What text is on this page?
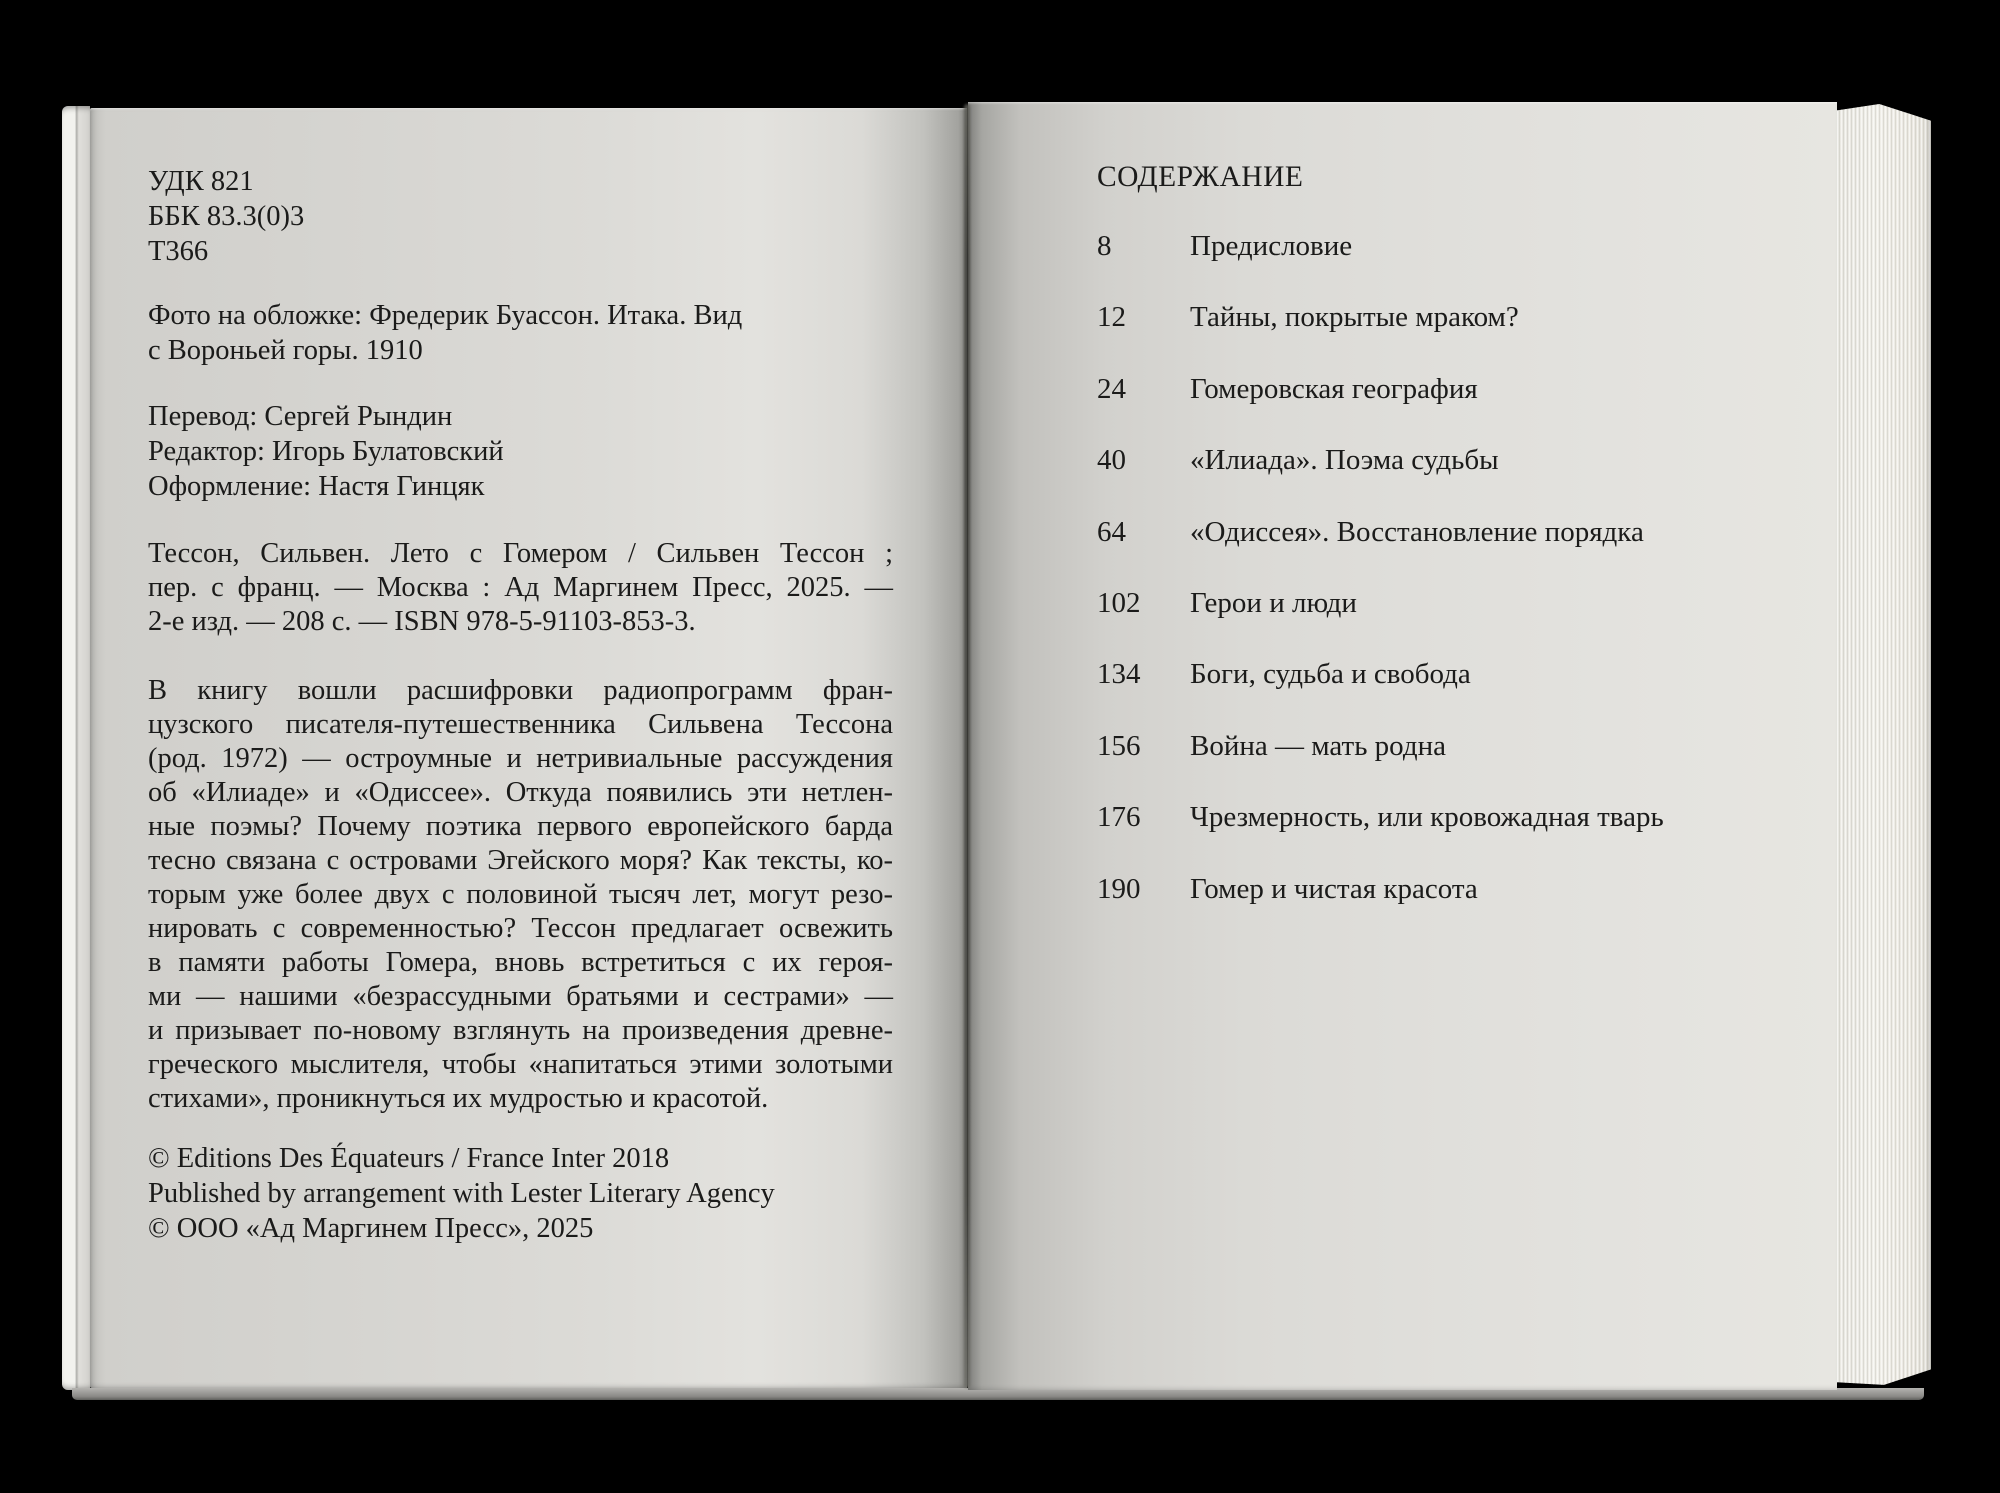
УДК 821
ББК 83.3(0)3
Т366
Фото на обложке: Фредерик Буассон. Итака. Вид
с Вороньей горы. 1910
Перевод: Сергей Рындин
Редактор: Игорь Булатовский
Оформление: Настя Гинцяк
Тессон, Сильвен. Лето с Гомером / Сильвен Тессон ;
пер. с франц. — Москва : Ад Маргинем Пресс, 2025. —
2-е изд. — 208 с. — ISBN 978-5-91103-853-3.
В книгу вошли расшифровки радиопрограмм фран-
цузского писателя-путешественника Сильвена Тессона
(род. 1972) — остроумные и нетривиальные рассуждения
об «Илиаде» и «Одиссее». Откуда появились эти нетлен-
ные поэмы? Почему поэтика первого европейского барда
тесно связана с островами Эгейского моря? Как тексты, ко-
торым уже более двух с половиной тысяч лет, могут резо-
нировать с современностью? Тессон предлагает освежить
в памяти работы Гомера, вновь встретиться с их героя-
ми — нашими «безрассудными братьями и сестрами» —
и призывает по-новому взглянуть на произведения древне-
греческого мыслителя, чтобы «напитаться этими золотыми
стихами», проникнуться их мудростью и красотой.
© Editions Des Équateurs / France Inter 2018
Published by arrangement with Lester Literary Agency
© ООО «Ад Маргинем Пресс», 2025
СОДЕРЖАНИЕ
8	Предисловие
12 Тайны, покрытые мраком?
24 Гомеровская география
40 «Илиада». Поэма судьбы
64 «Одиссея». Восстановление порядка
102 Герои и люди
134 Боги, судьба и свобода
156 Война — мать родна
176 Чрезмерность, или кровожадная тварь
190 Гомер и чистая красота
